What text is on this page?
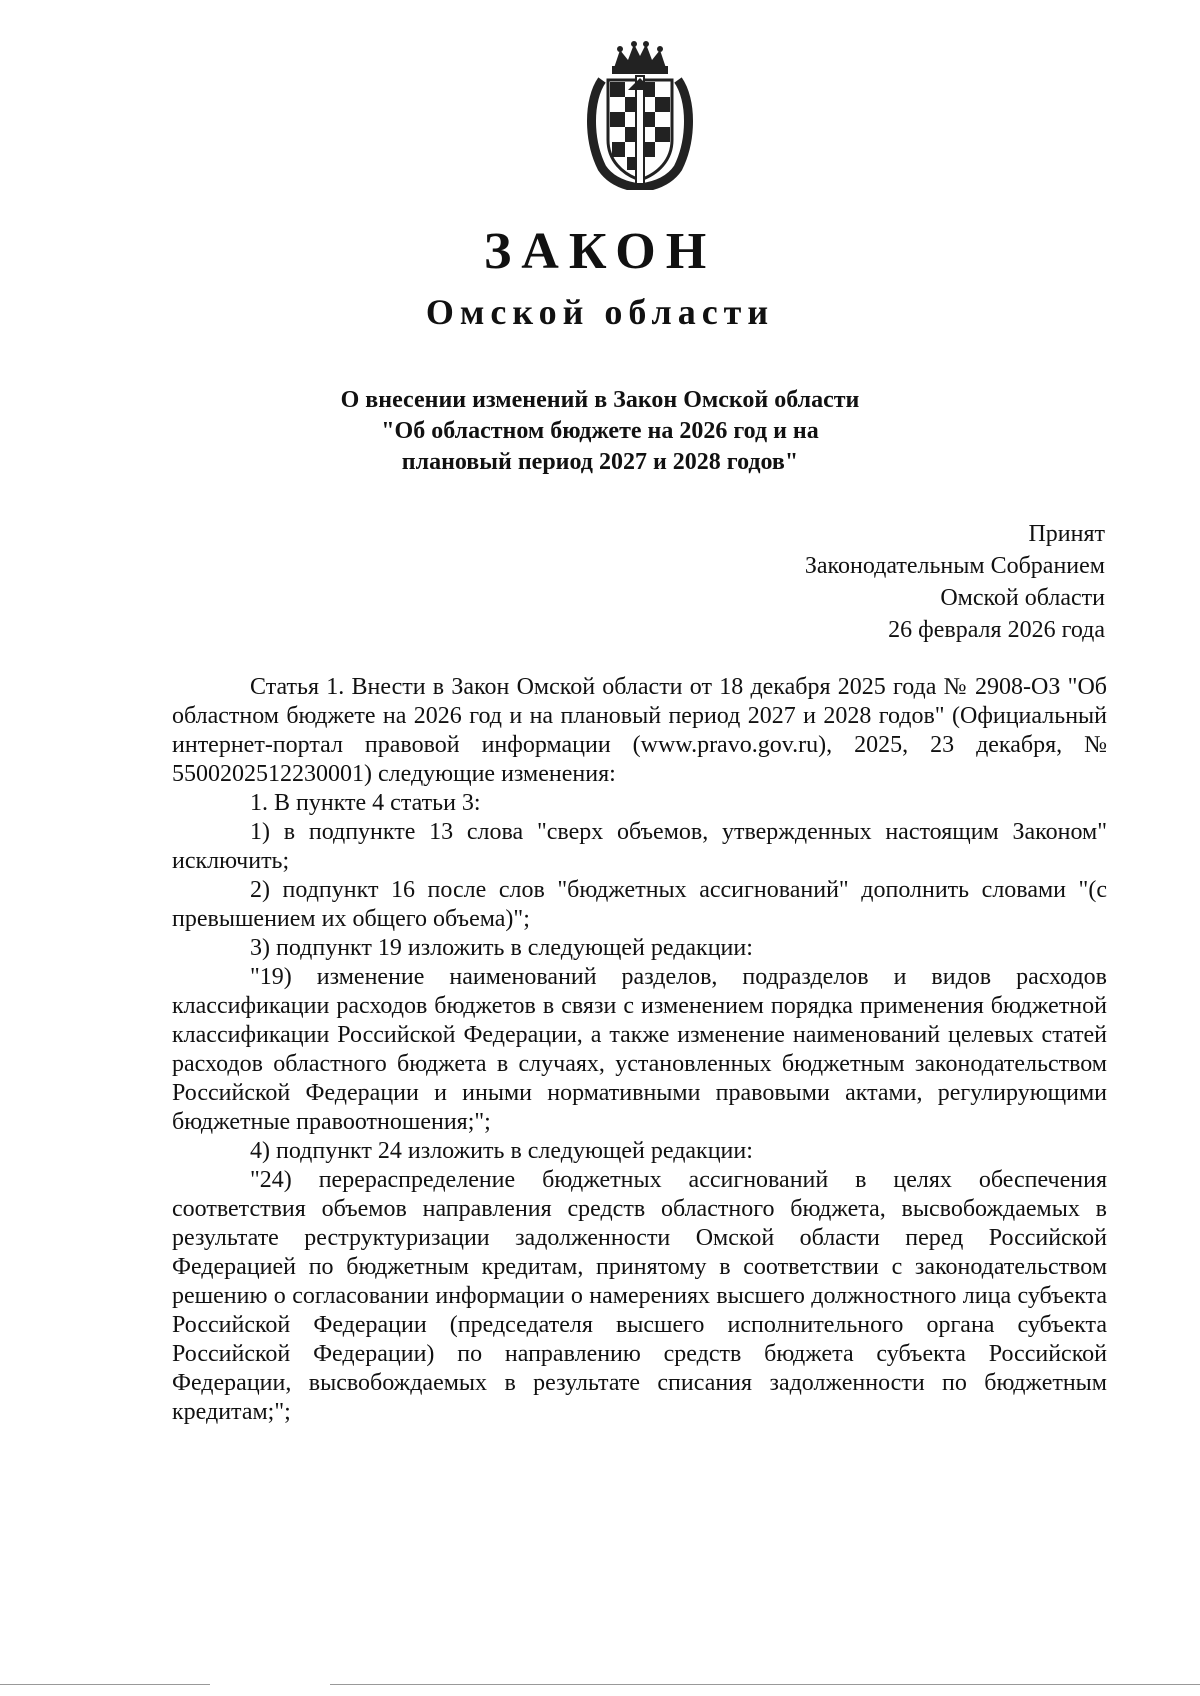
ЗАКОН
Омской области
О внесении изменений в Закон Омской области
"Об областном бюджете на 2026 год и на
плановый период 2027 и 2028 годов"
Принят
Законодательным Собранием
Омской области
26 февраля 2026 года

Статья 1. Внести в Закон Омской области от 18 декабря 2025 года № 2908-ОЗ "Об областном бюджете на 2026 год и на плановый период 2027 и 2028 годов" (Официальный интернет-портал правовой информации (www.pravo.gov.ru), 2025, 23 декабря, № 5500202512230001) следующие изменения:

1. В пункте 4 статьи 3:

1) в подпункте 13 слова "сверх объемов, утвержденных настоящим Законом" исключить;

2) подпункт 16 после слов "бюджетных ассигнований" дополнить словами "(с превышением их общего объема)";

3) подпункт 19 изложить в следующей редакции:

"19) изменение наименований разделов, подразделов и видов расходов классификации расходов бюджетов в связи с изменением порядка применения бюджетной классификации Российской Федерации, а также изменение наименований целевых статей расходов областного бюджета в случаях, установленных бюджетным законодательством Российской Федерации и иными нормативными правовыми актами, регулирующими бюджетные правоотношения;";

4) подпункт 24 изложить в следующей редакции:

"24) перераспределение бюджетных ассигнований в целях обеспечения соответствия объемов направления средств областного бюджета, высвобождаемых в результате реструктуризации задолженности Омской области перед Российской Федерацией по бюджетным кредитам, принятому в соответствии с законодательством решению о согласовании информации о намерениях высшего должностного лица субъекта Российской Федерации (председателя высшего исполнительного органа субъекта Российской Федерации) по направлению средств бюджета субъекта Российской Федерации, высвобождаемых в результате списания задолженности по бюджетным кредитам;";
